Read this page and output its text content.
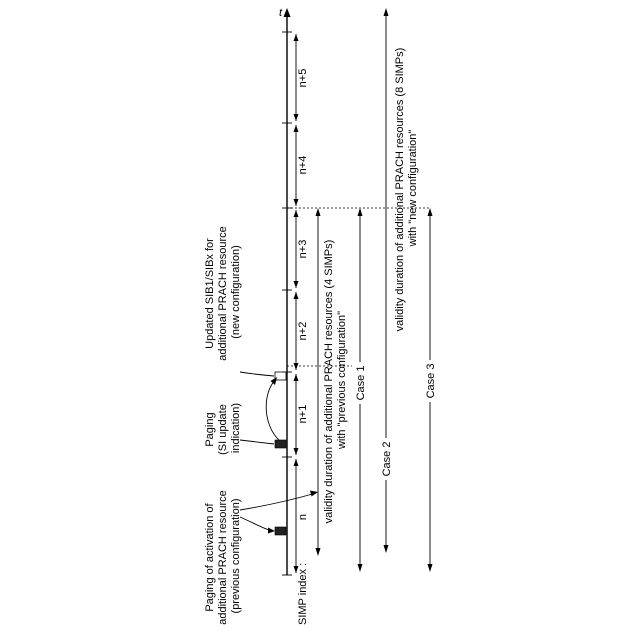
t
n
n+1
n+2
n+3
n+4
n+5
SIMP index :
Paging of activation of additional PRACH resource (previous configuration)
Paging (SI update indication)
Updated SIB1/SIBx for additional PRACH resource (new configuration)	validity duration of additional PRACH resources (4 SIMPs) with "previous configuration" Case 1
Case 2
Case 3
validity duration of additional PRACH resources (8 SIMPs) with "new configuration"
